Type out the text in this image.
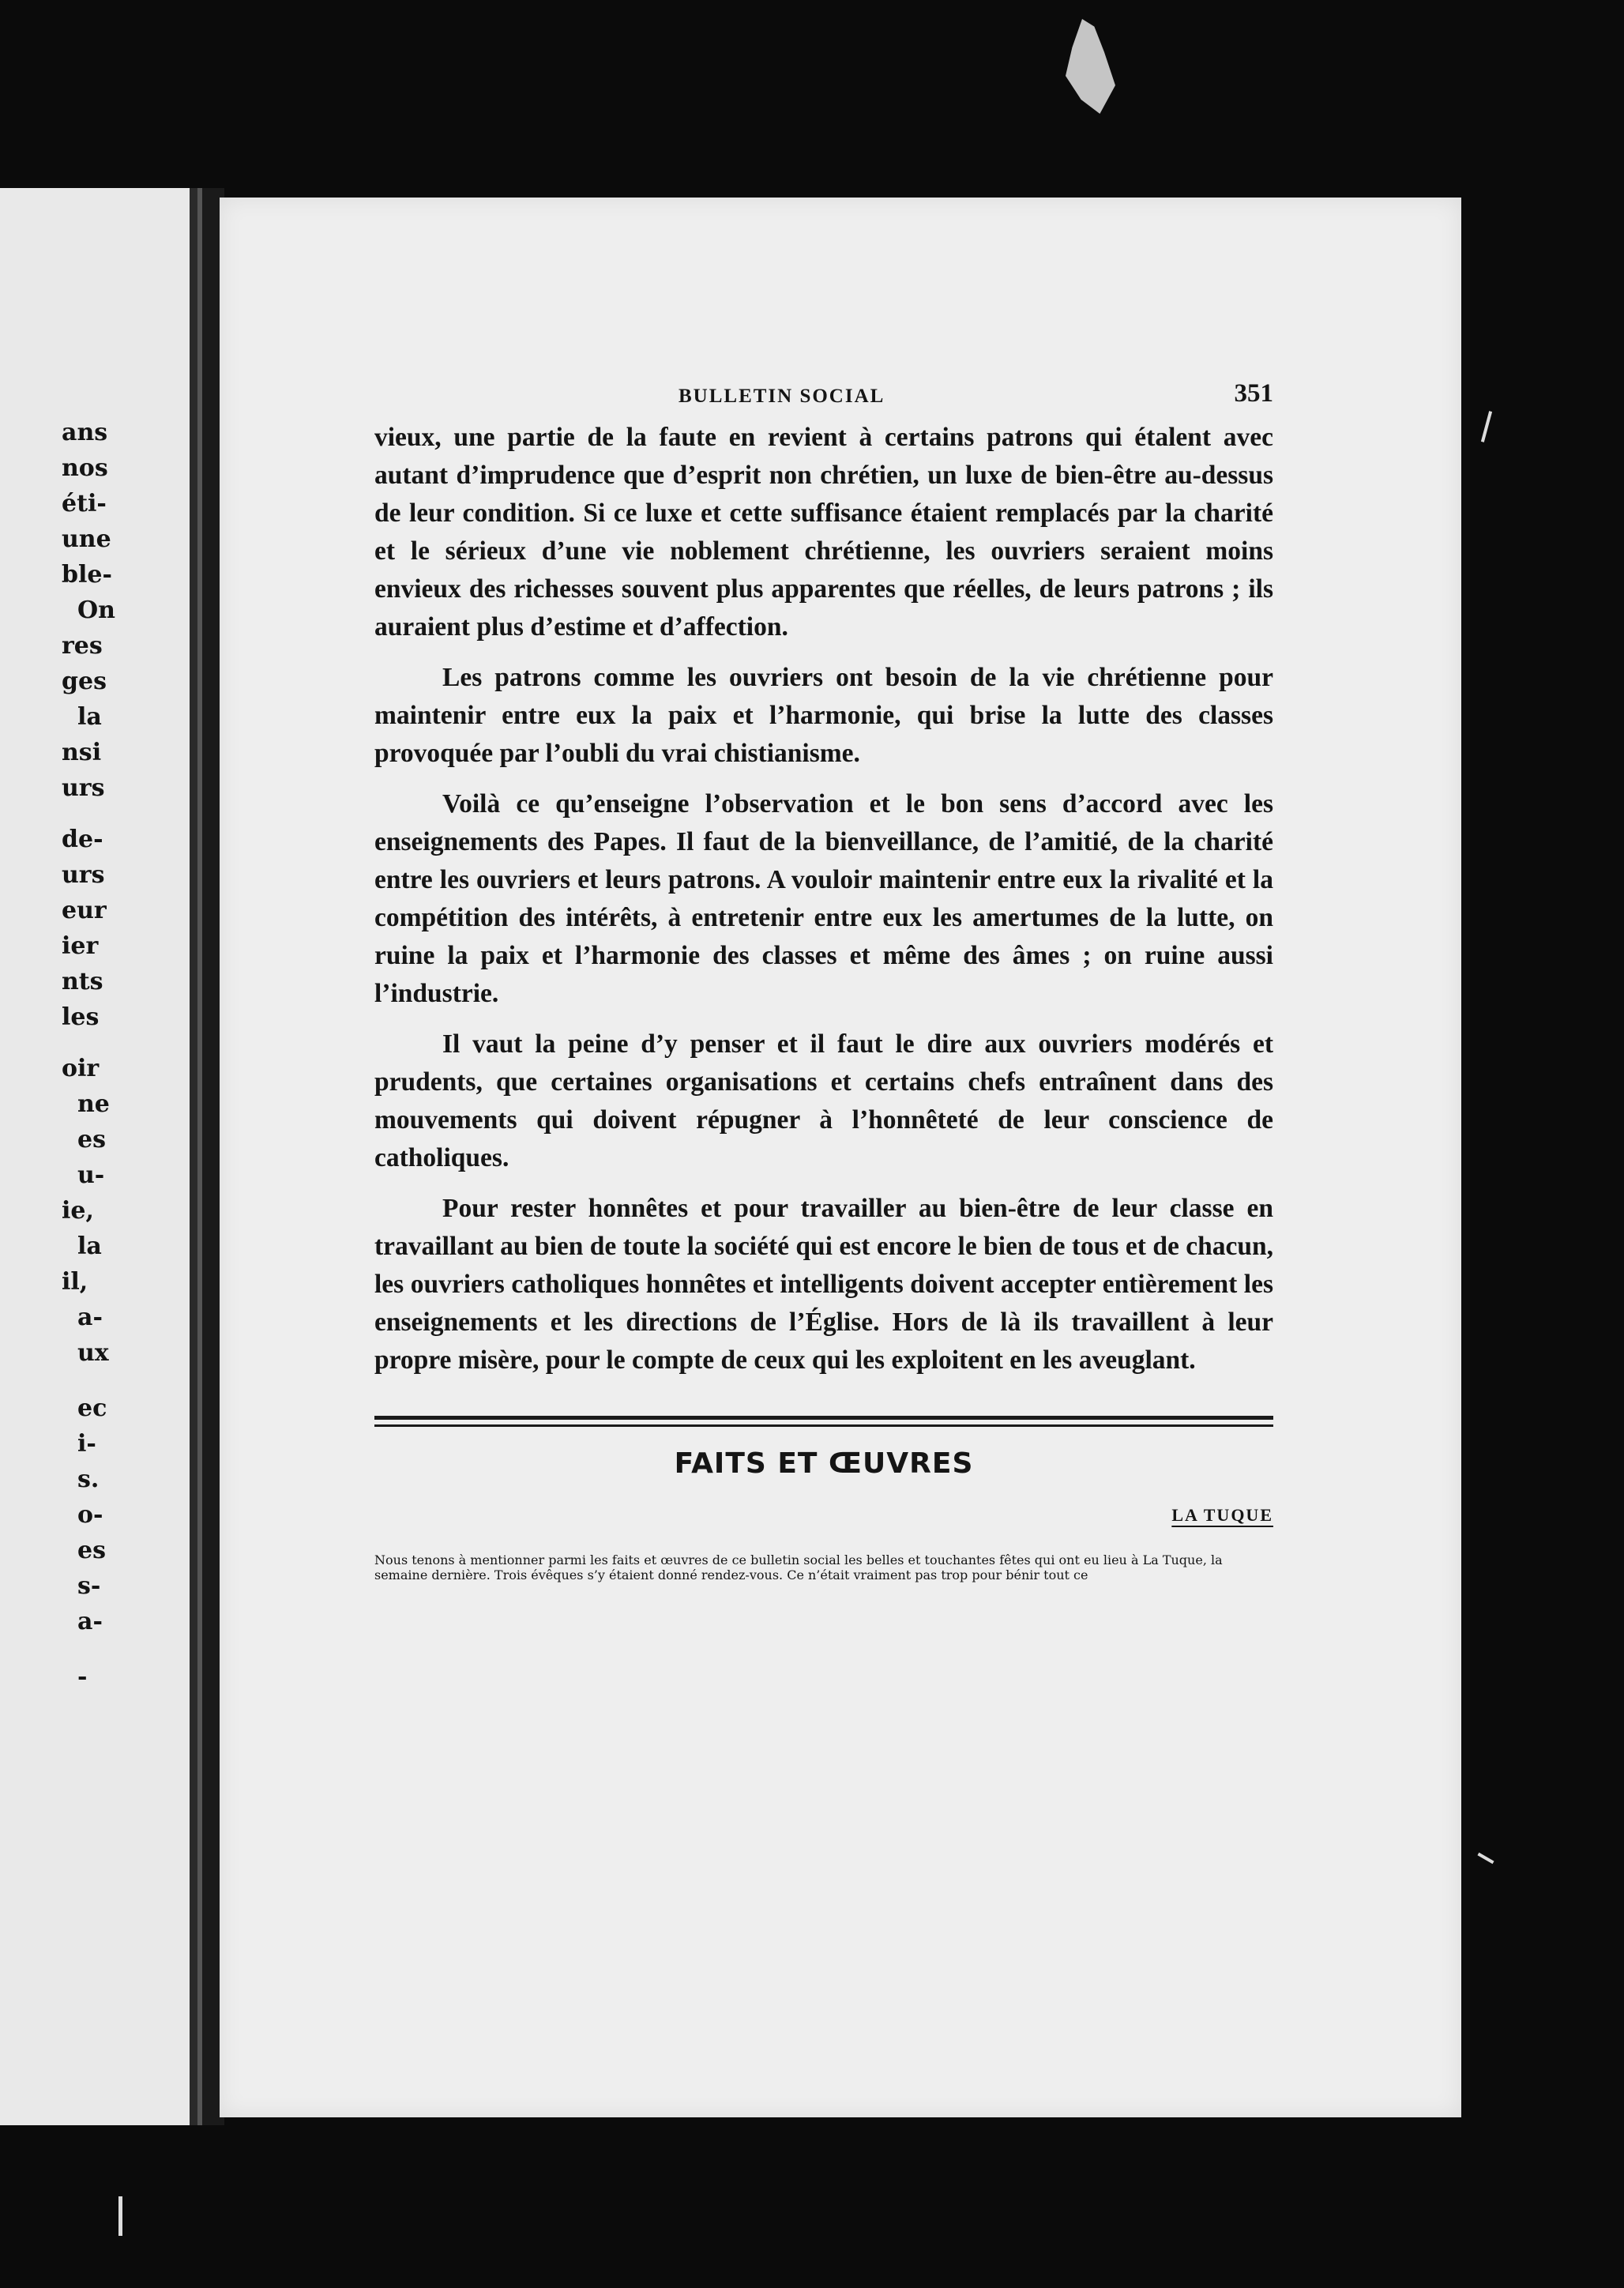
ans
nos
éti-
une
ble-
On
res
ges
la
nsi
urs
de-
urs
eur
ier
nts
les
oir
ne
es
u-
ie,
la
il,
a-
ux
ec
i-
s.
o-
es
s-
a-
-
BULLETIN SOCIAL	351

vieux, une partie de la faute en revient à certains patrons qui étalent avec autant d’imprudence que d’esprit non chrétien, un luxe de bien-être au-dessus de leur condition. Si ce luxe et cette suffisance étaient remplacés par la charité et le sérieux d’une vie noblement chrétienne, les ouvriers seraient moins envieux des richesses souvent plus apparentes que réelles, de leurs patrons ; ils auraient plus d’estime et d’affection.

Les patrons comme les ouvriers ont besoin de la vie chrétienne pour maintenir entre eux la paix et l’harmonie, qui brise la lutte des classes provoquée par l’oubli du vrai chistianisme.

Voilà ce qu’enseigne l’observation et le bon sens d’accord avec les enseignements des Papes. Il faut de la bienveillance, de l’amitié, de la charité entre les ouvriers et leurs patrons. A vouloir maintenir entre eux la rivalité et la compétition des intérêts, à entretenir entre eux les amertumes de la lutte, on ruine la paix et l’harmonie des classes et même des âmes ; on ruine aussi l’industrie.

Il vaut la peine d’y penser et il faut le dire aux ouvriers modérés et prudents, que certaines organisations et certains chefs entraînent dans des mouvements qui doivent répugner à l’honnêteté de leur conscience de catholiques.

Pour rester honnêtes et pour travailler au bien-être de leur classe en travaillant au bien de toute la société qui est encore le bien de tous et de chacun, les ouvriers catholiques honnêtes et intelligents doivent accepter entièrement les enseignements et les directions de l’Église. Hors de là ils travaillent à leur propre misère, pour le compte de ceux qui les exploitent en les aveuglant.

FAITS ET ŒUVRES
LA TUQUE

Nous tenons à mentionner parmi les faits et œuvres de ce bulletin social les belles et touchantes fêtes qui ont eu lieu à La Tuque, la semaine dernière. Trois évêques s’y étaient donné rendez-vous. Ce n’était vraiment pas trop pour bénir tout ce
